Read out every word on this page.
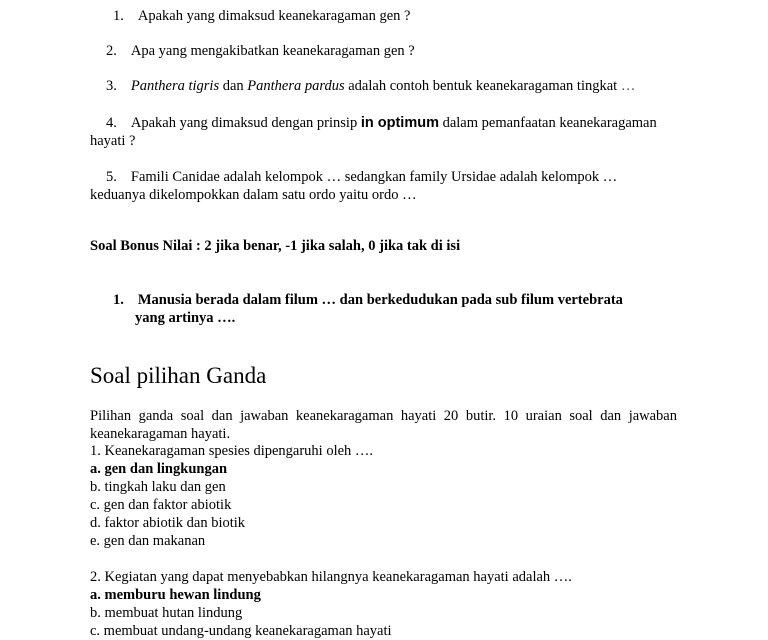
1. Apakah yang dimaksud keanekaragaman gen ?

2. Apa yang mengakibatkan keanekaragaman gen ?

3. Panthera tigris dan Panthera pardus adalah contoh bentuk keanekaragaman tingkat …

4. Apakah yang dimaksud dengan prinsip in optimum dalam pemanfaatan keanekaragaman
hayati ?

5. Famili Canidae adalah kelompok … sedangkan family Ursidae adalah kelompok …
keduanya dikelompokkan dalam satu ordo yaitu ordo …

Soal Bonus Nilai : 2 jika benar, -1 jika salah, 0 jika tak di isi

1. Manusia berada dalam filum … dan berkedudukan pada sub filum vertebrata
yang artinya ….

Soal pilihan Ganda

Pilihan ganda soal dan jawaban keanekaragaman hayati 20 butir. 10 uraian soal dan jawaban keanekaragaman hayati.

1. Keanekaragaman spesies dipengaruhi oleh ….
a. gen dan lingkungan
b. tingkah laku dan gen
c. gen dan faktor abiotik
d. faktor abiotik dan biotik
e. gen dan makanan
2. Kegiatan yang dapat menyebabkan hilangnya keanekaragaman hayati adalah ….
a. memburu hewan lindung
b. membuat hutan lindung
c. membuat undang-undang keanekaragaman hayati
